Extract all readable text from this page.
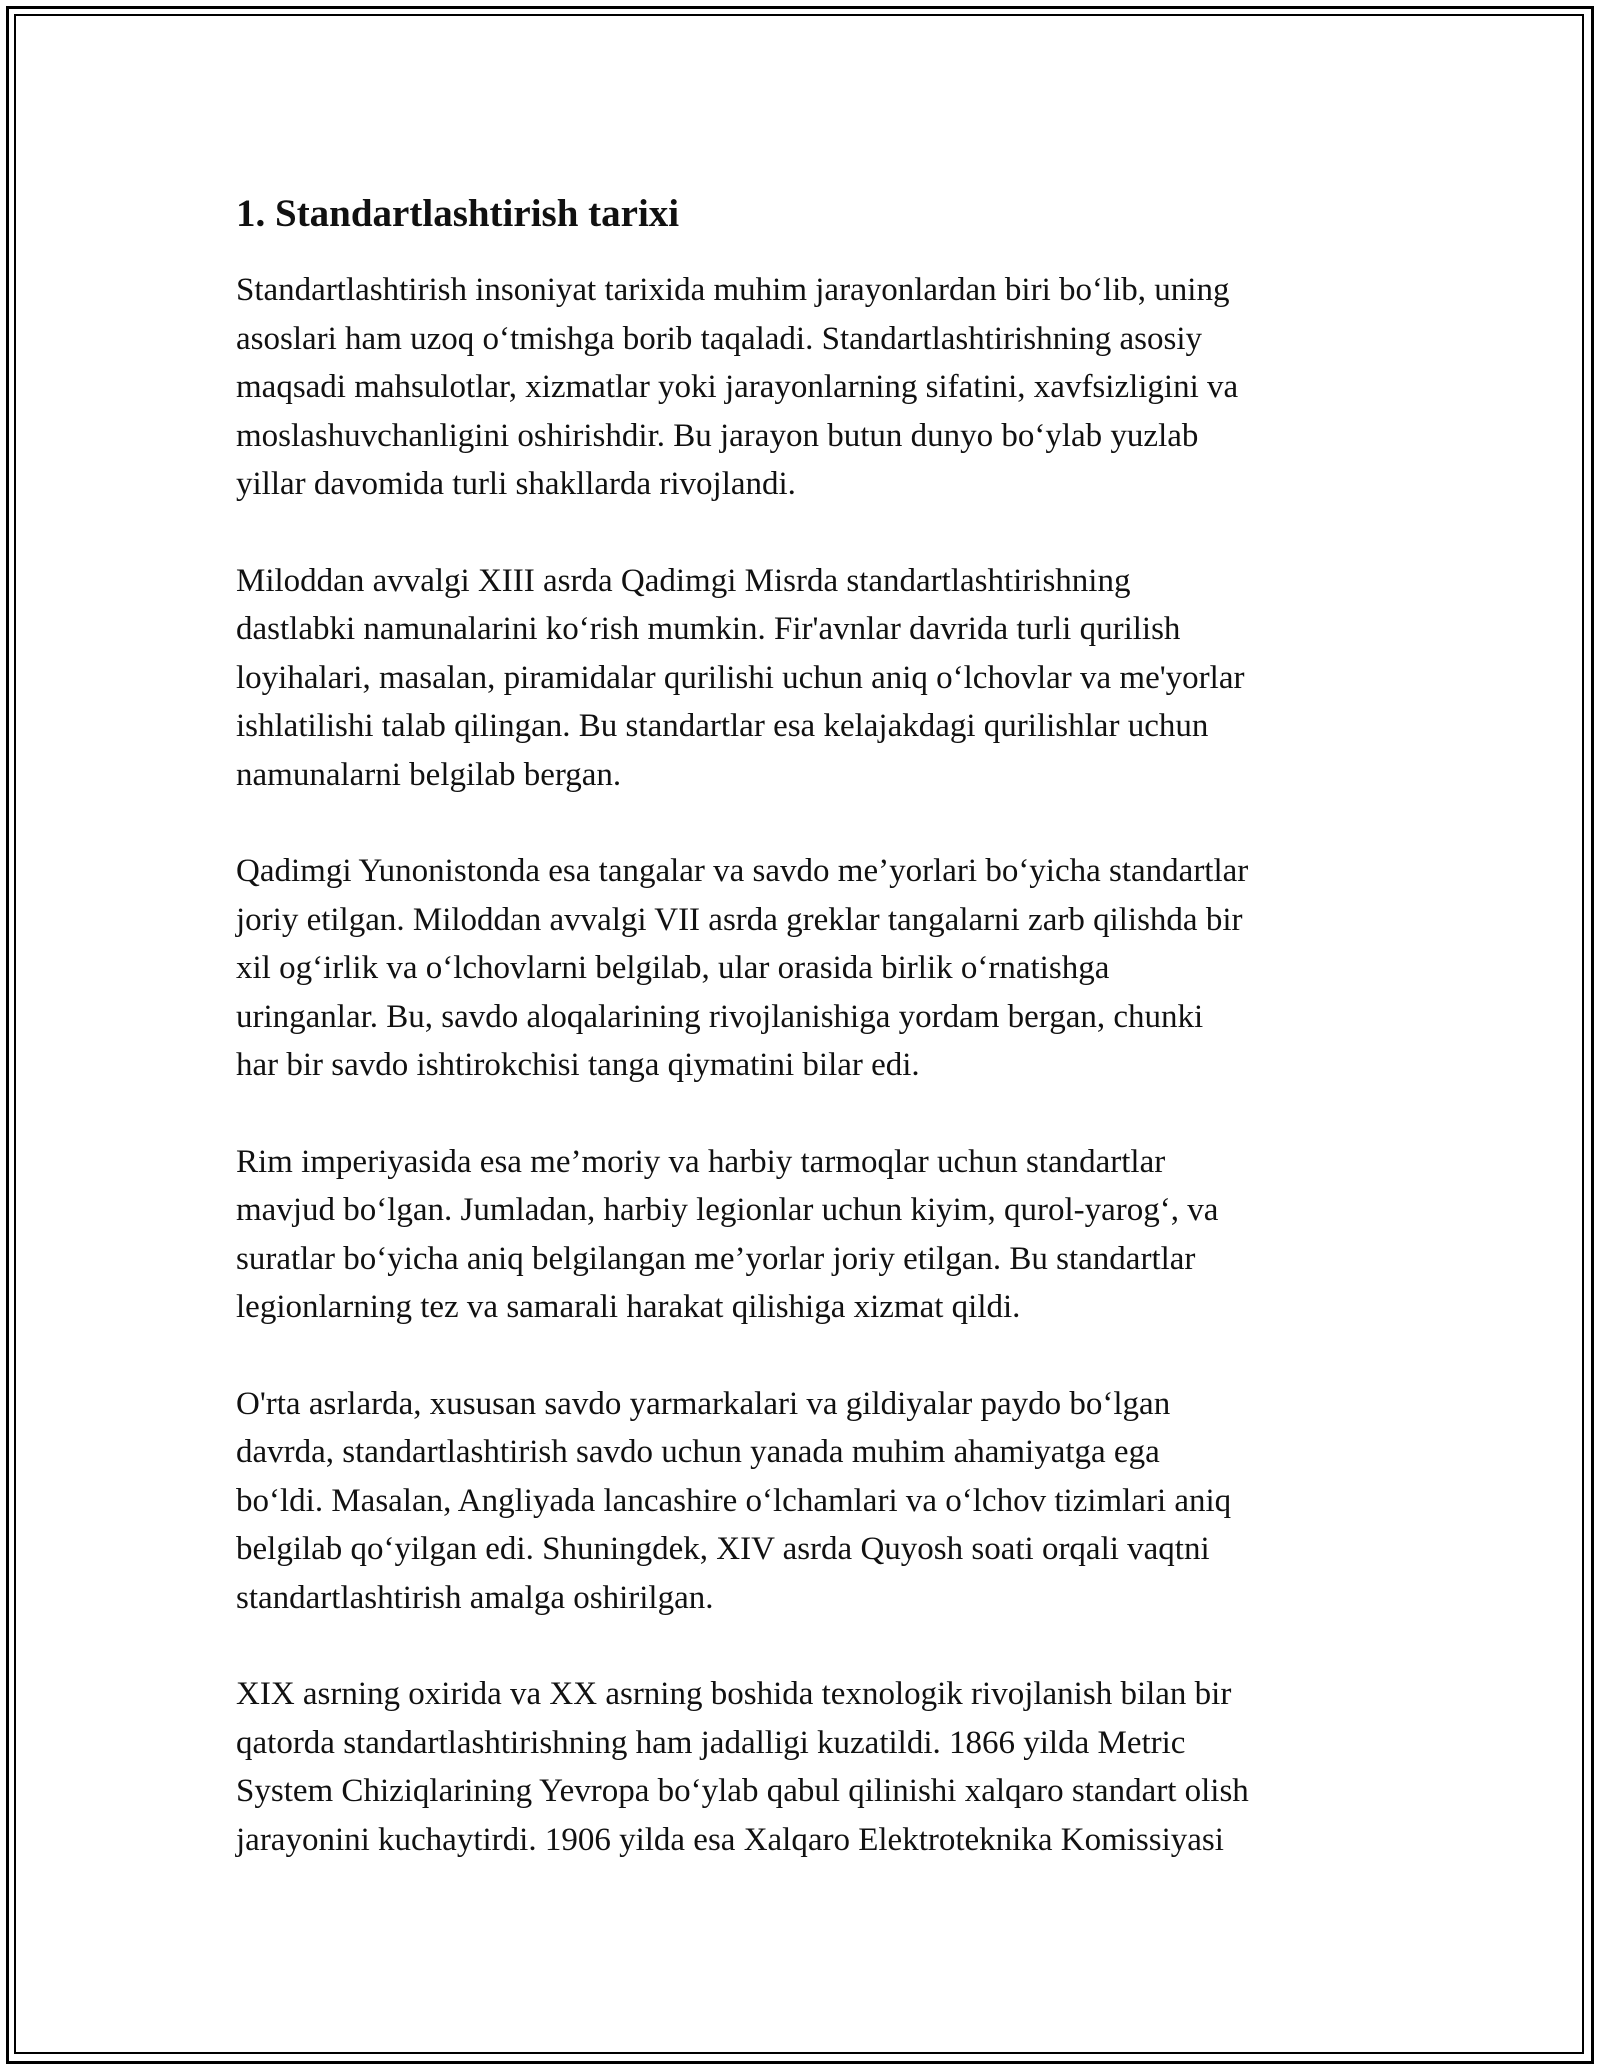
1. Standartlashtirish tarixi

Standartlashtirish insoniyat tarixida muhim jarayonlardan biri bo‘lib, uning
asoslari ham uzoq o‘tmishga borib taqaladi. Standartlashtirishning asosiy
maqsadi mahsulotlar, xizmatlar yoki jarayonlarning sifatini, xavfsizligini va
moslashuvchanligini oshirishdir. Bu jarayon butun dunyo bo‘ylab yuzlab
yillar davomida turli shakllarda rivojlandi.

Miloddan avvalgi XIII asrda Qadimgi Misrda standartlashtirishning
dastlabki namunalarini ko‘rish mumkin. Fir'avnlar davrida turli qurilish
loyihalari, masalan, piramidalar qurilishi uchun aniq o‘lchovlar va me'yorlar
ishlatilishi talab qilingan. Bu standartlar esa kelajakdagi qurilishlar uchun
namunalarni belgilab bergan.

Qadimgi Yunonistonda esa tangalar va savdo me’yorlari bo‘yicha standartlar
joriy etilgan. Miloddan avvalgi VII asrda greklar tangalarni zarb qilishda bir
xil og‘irlik va o‘lchovlarni belgilab, ular orasida birlik o‘rnatishga
uringanlar. Bu, savdo aloqalarining rivojlanishiga yordam bergan, chunki
har bir savdo ishtirokchisi tanga qiymatini bilar edi.

Rim imperiyasida esa me’moriy va harbiy tarmoqlar uchun standartlar
mavjud bo‘lgan. Jumladan, harbiy legionlar uchun kiyim, qurol-yarog‘, va
suratlar bo‘yicha aniq belgilangan me’yorlar joriy etilgan. Bu standartlar
legionlarning tez va samarali harakat qilishiga xizmat qildi.

O'rta asrlarda, xususan savdo yarmarkalari va gildiyalar paydo bo‘lgan
davrda, standartlashtirish savdo uchun yanada muhim ahamiyatga ega
bo‘ldi. Masalan, Angliyada lancashire o‘lchamlari va o‘lchov tizimlari aniq
belgilab qo‘yilgan edi. Shuningdek, XIV asrda Quyosh soati orqali vaqtni
standartlashtirish amalga oshirilgan.

XIX asrning oxirida va XX asrning boshida texnologik rivojlanish bilan bir
qatorda standartlashtirishning ham jadalligi kuzatildi. 1866 yilda Metric
System Chiziqlarining Yevropa bo‘ylab qabul qilinishi xalqaro standart olish
jarayonini kuchaytirdi. 1906 yilda esa Xalqaro Elektroteknika Komissiyasi
